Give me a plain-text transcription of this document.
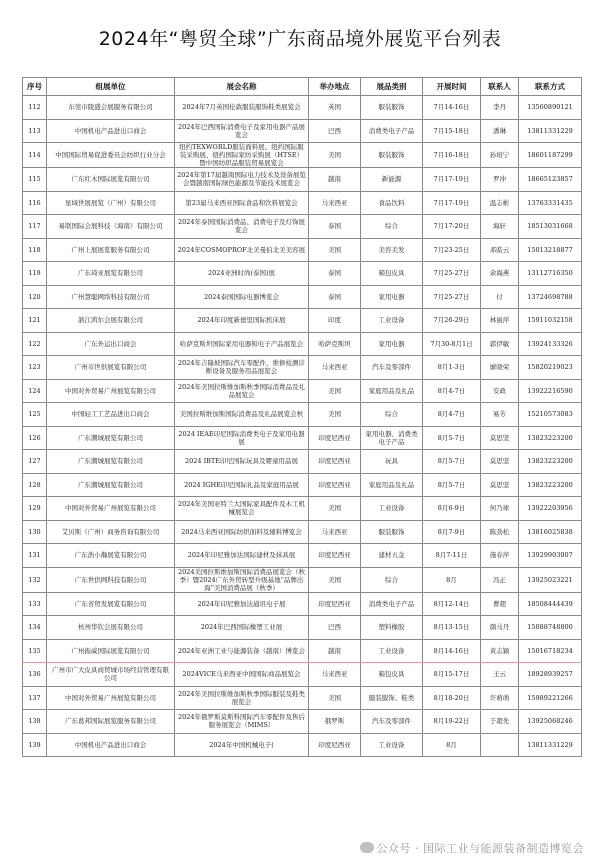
2024年“粤贸全球”广东商品境外展览平台列表
序号	组展单位	展会名称	举办地点	展品类别	开展时间	联系人	联系方式
112	东莞市陵盛会展服务有限公司	2024年7月英国伦敦服装服饰鞋类展览会	英国	服装服饰	7月14-16日	李丹	13560890121
113	中国机电产品进出口商会	2024年巴西国际消费电子及家用电器产品展览会	巴西	消费类电子产品	7月15-18日	潘琳	13811331229
114	中国国际贸易促进委员会纺织行业分会	纽约TEXWORLD服装面料展、纽约国际服装采购展、纽约国际家纺采购展（HTSE）暨中国纺织品服装贸易展览会	美国	服装服饰	7月16-18日	孙培宁	18601187299
115	广东红木国际展览有限公司	2024年第17届越南国际电力技术及设备展览会暨越南国际绿色能源及节能技术展览会	越南	新能源	7月17-19日	罗冲	18665123857
116	星域世展展览（广州）有限公司	第23届马来西亚国际食品和饮料展览会	马来西亚	食品饮料	7月17-19日	温志彬	13763331435
117	易联国际会展科技（海南）有限公司	2024年泰国国际消费品、消费电子及灯饰展览会	泰国	综合	7月17-20日	海轩	18513031668
118	广州上展展览服务有限公司	2024年COSMOPROF北美曼伯北美美容展	美国	美容美发	7月23-25日	邓皓云	15013218877
119	广东琦亚展览有限公司	2024亚洲时尚(泰国)展	泰国	箱包皮具	7月25-27日	余海燕	13112716350
120	广州慧聪网络科技有限公司	2024泰国国际电器博览会	泰国	家用电器	7月25-27日	付	13724698788
121	浙江鸿尔会展有限公司	2024年印度新德里国际机床展	印度	工业设备	7月26-29日	林丽萍	15911032158
122	广东外运出口商会	哈萨克斯坦国际家用电器和电子产品展览会	哈萨克斯坦	家用电器	7月30-8月1日	郭伊敏	13924133326
123	广州市世供展览有限公司	2024年吉隆坡国际汽车零配件、维修检测诊断设备及服务用品展览会	马来西亚	汽车及零部件	8月1-3日	廖晓荣	15820219023
124	中国对外贸易广州展览有限公司	2024年美国拉斯维加斯秋季国际消费品及礼品展览会	美国	家庭用品及礼品	8月4-7日	安政	13922216590
125	中国轻工工艺品进出口商会	美国拉斯维加斯国际消费品及礼品展览会秋	美国	综合	8月4-7日	易芳	15210573083
126	广东潮城展览有限公司	2024 IEAE印尼国际消费类电子及家用电器展	印度尼西亚	家用电器、消费类电子产品	8月5-7日	莫思坚	13823223200
127	广东潮城展览有限公司	2024 IBTE印尼国际玩具及婴童用品展	印度尼西亚	玩具	8月5-7日	莫思坚	13823223200
128	广东潮城展览有限公司	2024 IGHE印尼国际礼品及家庭用品展	印度尼西亚	家庭用品及礼品	8月5-7日	莫思坚	13823223200
129	中国对外贸易广州展览有限公司	2024年美国亚特兰大国际家具配件及木工机械展览会	美国	工业设备	8月6-9日	何乃球	13922203956
130	艾贝斯（广州）商务咨询有限公司	2024马来西亚国际纺织面料及辅料博览会	马来西亚	服装服饰	8月7-9日	陈劲松	13816025838
131	广东浩小瀚展览有限公司	2024年印尼雅加达国际建材及抹具展	印度尼西亚	建材五金	8月7-11日	施春萍	13929903007
132	广东世供网科技有限公司	2024美国拉斯维加斯国际消费品展览会（秋季）暨2024广东外贸转型升级基地“品牌出海”美国消费品展（秋季）	美国	综合	8月	冯正	13925023221
133	广东省贸发展览有限公司	2024年印尼雅加达通讯电子展	印度尼西亚	消费类电子产品	8月12-14日	曹超	18508444439
134	杭州华钦会展有限公司	2024年巴西国际橡塑工业展	巴西	塑料橡胶	8月13-15日	颜马丹	15088748800
135	广州振威国际展览有限公司	2024年亚洲工业与能源装备（越南）博览会	越南	工业设备	8月14-16日	黄志颖	15016718234
136	广州市广大皮具商贸城市场经营管理有限公司	2024VICE马来西亚中国国际商品展览会	马来西亚	箱包皮具	8月15-17日	王云	18928939257
137	中国对外贸易广州展览有限公司	2024年美国拉斯维加斯秋季国际服装及鞋类展览会	美国	服装服饰、鞋类	8月18-20日	许萌萌	15989221266
138	广东葛邦国际展览服务有限公司	2024年俄罗斯莫斯科国际汽车零配件及售后服务展览会（MIMS）	俄罗斯	汽车及零部件	8月19-22日	于超先	13925068246
139	中国机电产品进出口商会	2024年中国机械电子(	印度尼西亚	工业设备	8月		13811331229
公众号 · 国际工业与能源装备制造博览会
